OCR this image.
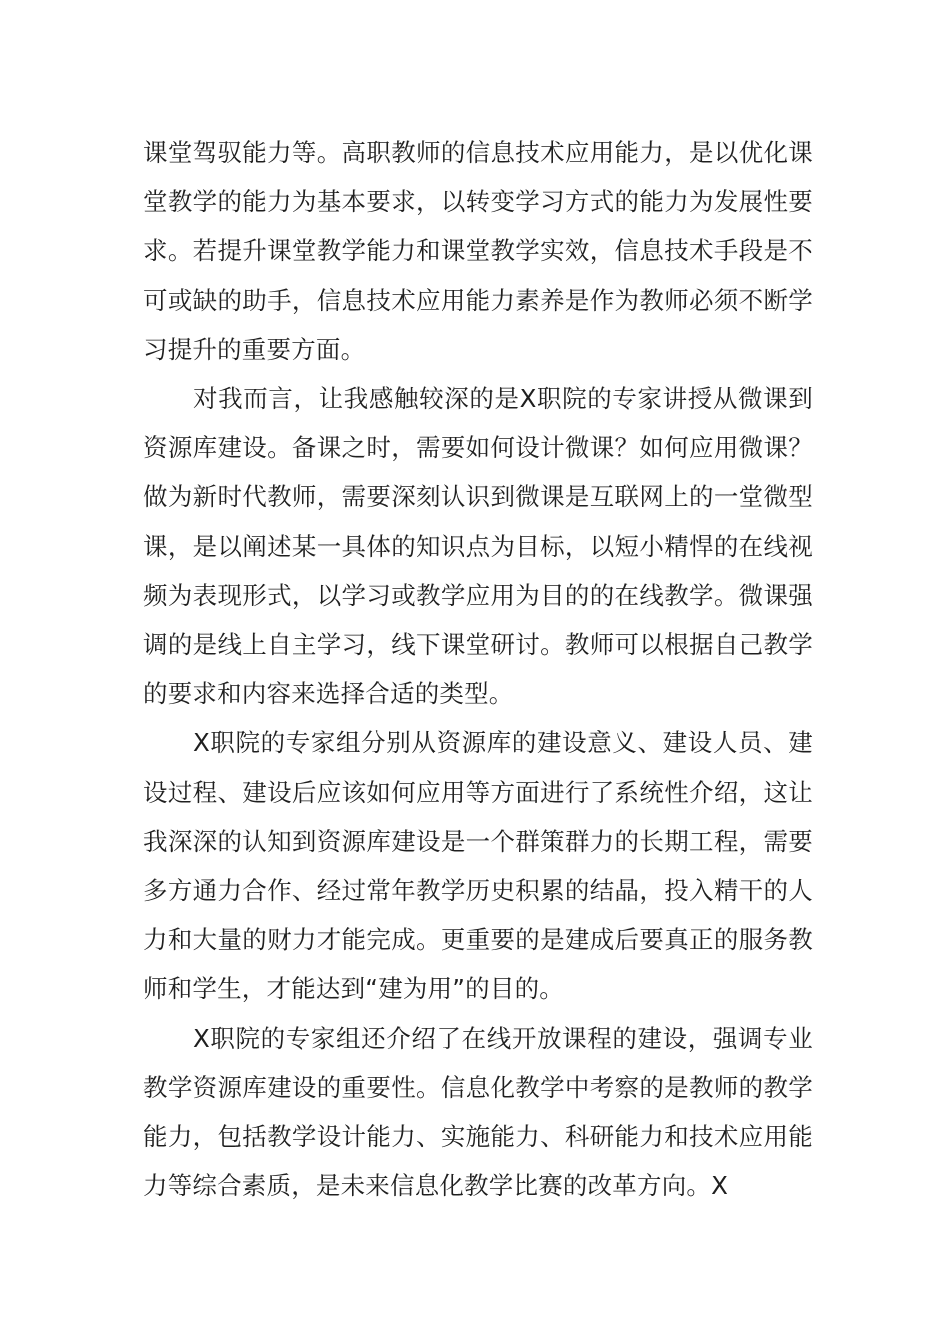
课堂驾驭能力等。高职教师的信息技术应用能力，是以优化课堂教学的能力为基本要求，以转变学习方式的能力为发展性要求。若提升课堂教学能力和课堂教学实效，信息技术手段是不可或缺的助手，信息技术应用能力素养是作为教师必须不断学习提升的重要方面。

对我而言，让我感触较深的是X职院的专家讲授从微课到资源库建设。备课之时，需要如何设计微课？如何应用微课？做为新时代教师，需要深刻认识到微课是互联网上的一堂微型课，是以阐述某一具体的知识点为目标，以短小精悍的在线视频为表现形式，以学习或教学应用为目的的在线教学。微课强调的是线上自主学习，线下课堂研讨。教师可以根据自己教学的要求和内容来选择合适的类型。

X职院的专家组分别从资源库的建设意义、建设人员、建设过程、建设后应该如何应用等方面进行了系统性介绍，这让我深深的认知到资源库建设是一个群策群力的长期工程，需要多方通力合作、经过常年教学历史积累的结晶，投入精干的人力和大量的财力才能完成。更重要的是建成后要真正的服务教师和学生，才能达到“建为用”的目的。

X职院的专家组还介绍了在线开放课程的建设，强调专业教学资源库建设的重要性。信息化教学中考察的是教师的教学能力，包括教学设计能力、实施能力、科研能力和技术应用能力等综合素质，是未来信息化教学比赛的改革方向。X
